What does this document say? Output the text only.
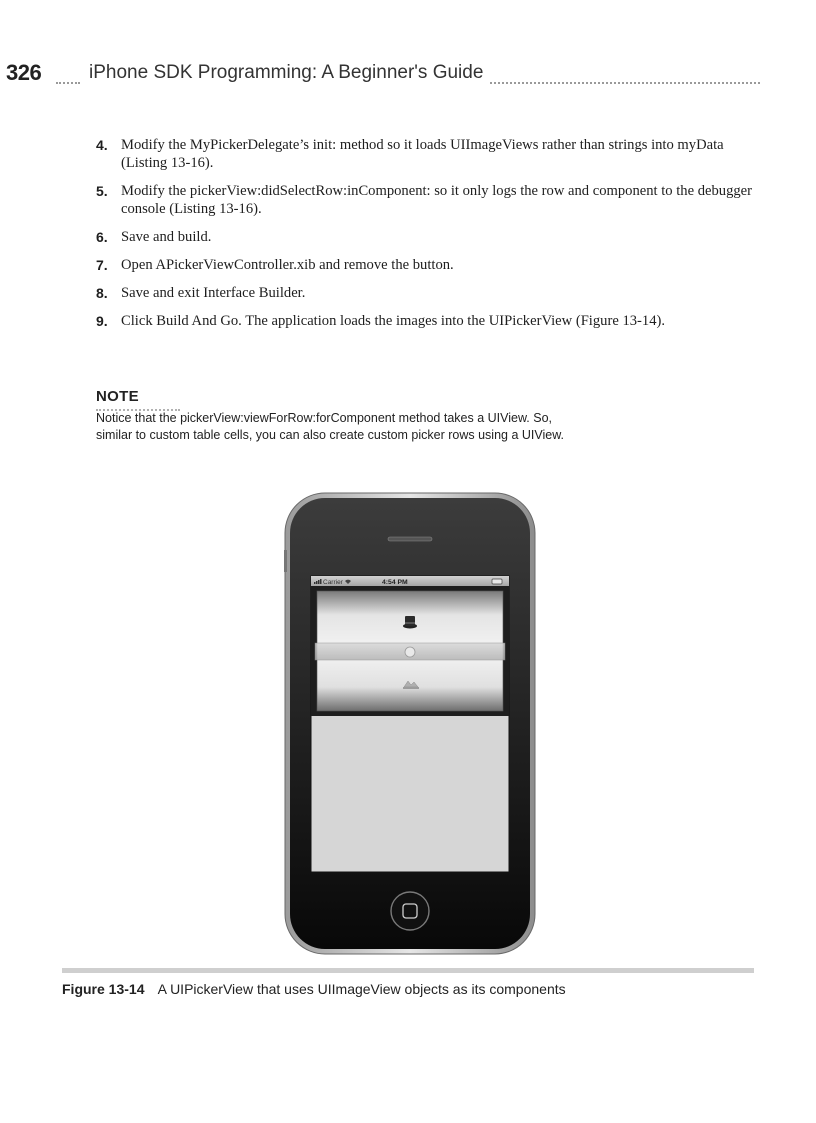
326	iPhone SDK Programming: A Beginner's Guide
4. Modify the MyPickerDelegate’s init: method so it loads UIImageViews rather than strings into myData (Listing 13-16).
5. Modify the pickerView:didSelectRow:inComponent: so it only logs the row and component to the debugger console (Listing 13-16).
6. Save and build.
7. Open APickerViewController.xib and remove the button.
8. Save and exit Interface Builder.
9. Click Build And Go. The application loads the images into the UIPickerView (Figure 13-14).
NOTE
Notice that the pickerView:viewForRow:forComponent method takes a UIView. So,
similar to custom table cells, you can also create custom picker rows using a UIView.
Carrier	4:54 PM
Figure 13-14 A UIPickerView that uses UIImageView objects as its components
